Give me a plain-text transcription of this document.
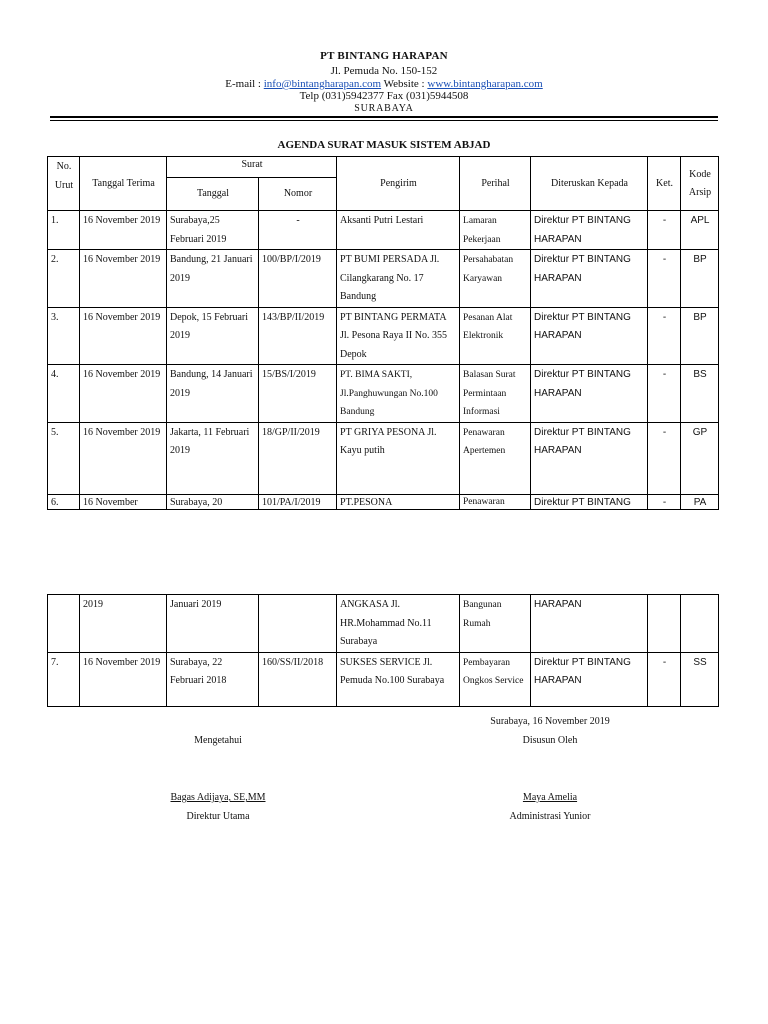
PT BINTANG HARAPAN
Jl. Pemuda No. 150-152
E-mail : info@bintangharapan.com Website : www.bintangharapan.com
Telp (031)5942377 Fax (031)5944508
SURABAYA
AGENDA SURAT MASUK SISTEM ABJAD
No. Urut	Tanggal Terima	Surat		Pengirim	Perihal	Diteruskan Kepada	Ket.	Kode Arsip
		Tanggal	Nomor					
1.	16 November 2019	Surabaya,25 Februari 2019	-	Aksanti Putri Lestari	Lamaran Pekerjaan	Direktur PT BINTANG HARAPAN	-	APL
2.	16 November 2019	Bandung, 21 Januari 2019	100/BP/I/2019	PT BUMI PERSADA Jl. Cilangkarang No. 17 Bandung	Persahabatan Karyawan	Direktur PT BINTANG HARAPAN	-	BP
3.	16 November 2019	Depok, 15 Februari 2019	143/BP/II/2019	PT BINTANG PERMATA Jl. Pesona Raya II No. 355 Depok	Pesanan Alat Elektronik	Direktur PT BINTANG HARAPAN	-	BP
4.	16 November 2019	Bandung, 14 Januari 2019	15/BS/I/2019	PT. BIMA SAKTI, Jl.Panghuwungan No.100 Bandung	Balasan Surat Permintaan Informasi	Direktur PT BINTANG HARAPAN	-	BS
5.	16 November 2019	Jakarta, 11 Februari 2019	18/GP/II/2019	PT GRIYA PESONA Jl. Kayu putih	Penawaran Apertemen	Direktur PT BINTANG HARAPAN	-	GP
6.	16 November	Surabaya, 20	101/PA/I/2019	PT.PESONA	Penawaran	Direktur PT BINTANG	-	PA
	2019	Januari 2019		ANGKASA Jl. HR.Mohammad No.11 Surabaya	Bangunan Rumah	HARAPAN		
7.	16 November 2019	Surabaya, 22 Februari 2018	160/SS/II/2018	SUKSES SERVICE Jl. Pemuda No.100 Surabaya	Pembayaran Ongkos Service	Direktur PT BINTANG HARAPAN	-	SS
Surabaya, 16 November 2019
Mengetahui	Disusun Oleh
Bagas Adijaya, SE,MM	Maya Amelia
Direktur Utama	Administrasi Yunior
